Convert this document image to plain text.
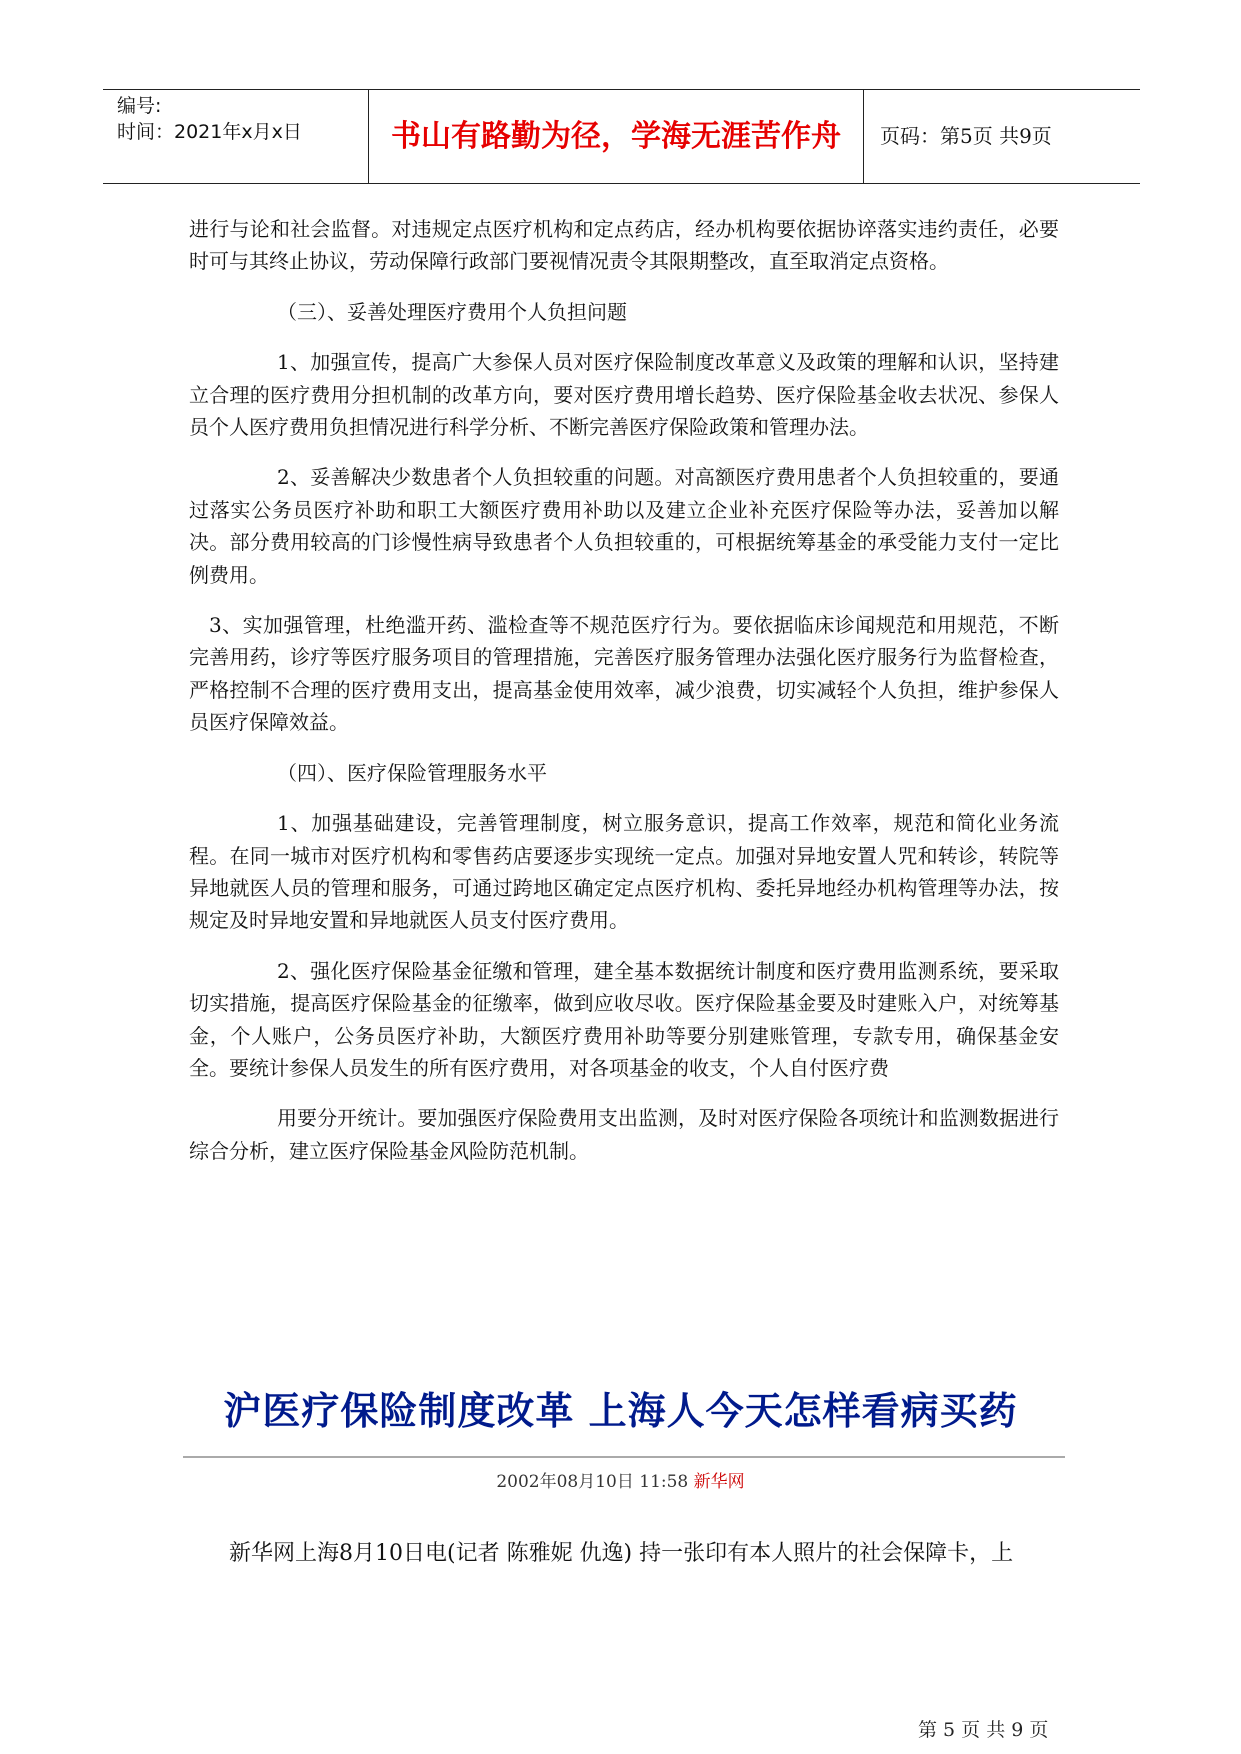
编号:
时间：2021年x月x日	书山有路勤为径，学海无涯苦作舟	页码：第5页 共9页

进行与论和社会监督。对违规定点医疗机构和定点药店，经办机构要依据协谇落实违约责任，必要时可与其终止协议，劳动保障行政部门要视情况责令其限期整改，直至取消定点资格。

（三）、妥善处理医疗费用个人负担问题

1、加强宣传，提高广大参保人员对医疗保险制度改革意义及政策的理解和认识，坚持建立合理的医疗费用分担机制的改革方向，要对医疗费用增长趋势、医疗保险基金收去状况、参保人员个人医疗费用负担情况进行科学分析、不断完善医疗保险政策和管理办法。

2、妥善解决少数患者个人负担较重的问题。对高额医疗费用患者个人负担较重的，要通过落实公务员医疗补助和职工大额医疗费用补助以及建立企业补充医疗保险等办法，妥善加以解决。部分费用较高的门诊慢性病导致患者个人负担较重的，可根据统筹基金的承受能力支付一定比例费用。

3、实加强管理，杜绝滥开药、滥检查等不规范医疗行为。要依据临床诊闻规范和用规范，不断完善用药，诊疗等医疗服务项目的管理措施，完善医疗服务管理办法强化医疗服务行为监督检查，严格控制不合理的医疗费用支出，提高基金使用效率，减少浪费，切实减轻个人负担，维护参保人员医疗保障效益。

（四）、医疗保险管理服务水平

1、加强基础建设，完善管理制度，树立服务意识，提高工作效率，规范和简化业务流程。在同一城市对医疗机构和零售药店要逐步实现统一定点。加强对异地安置人咒和转诊，转院等异地就医人员的管理和服务，可通过跨地区确定定点医疗机构、委托异地经办机构管理等办法，按规定及时异地安置和异地就医人员支付医疗费用。

2、强化医疗保险基金征缴和管理，建全基本数据统计制度和医疗费用监测系统，要采取切实措施，提高医疗保险基金的征缴率，做到应收尽收。医疗保险基金要及时建账入户，对统筹基金，个人账户，公务员医疗补助，大额医疗费用补助等要分别建账管理，专款专用，确保基金安全。要统计参保人员发生的所有医疗费用，对各项基金的收支，个人自付医疗费

用要分开统计。要加强医疗保险费用支出监测，及时对医疗保险各项统计和监测数据进行综合分析，建立医疗保险基金风险防范机制。

沪医疗保险制度改革 上海人今天怎样看病买药
2002年08月10日 11:58 新华网
新华网上海8月10日电(记者 陈雅妮 仇逸) 持一张印有本人照片的社会保障卡，上
第 5 页 共 9 页
